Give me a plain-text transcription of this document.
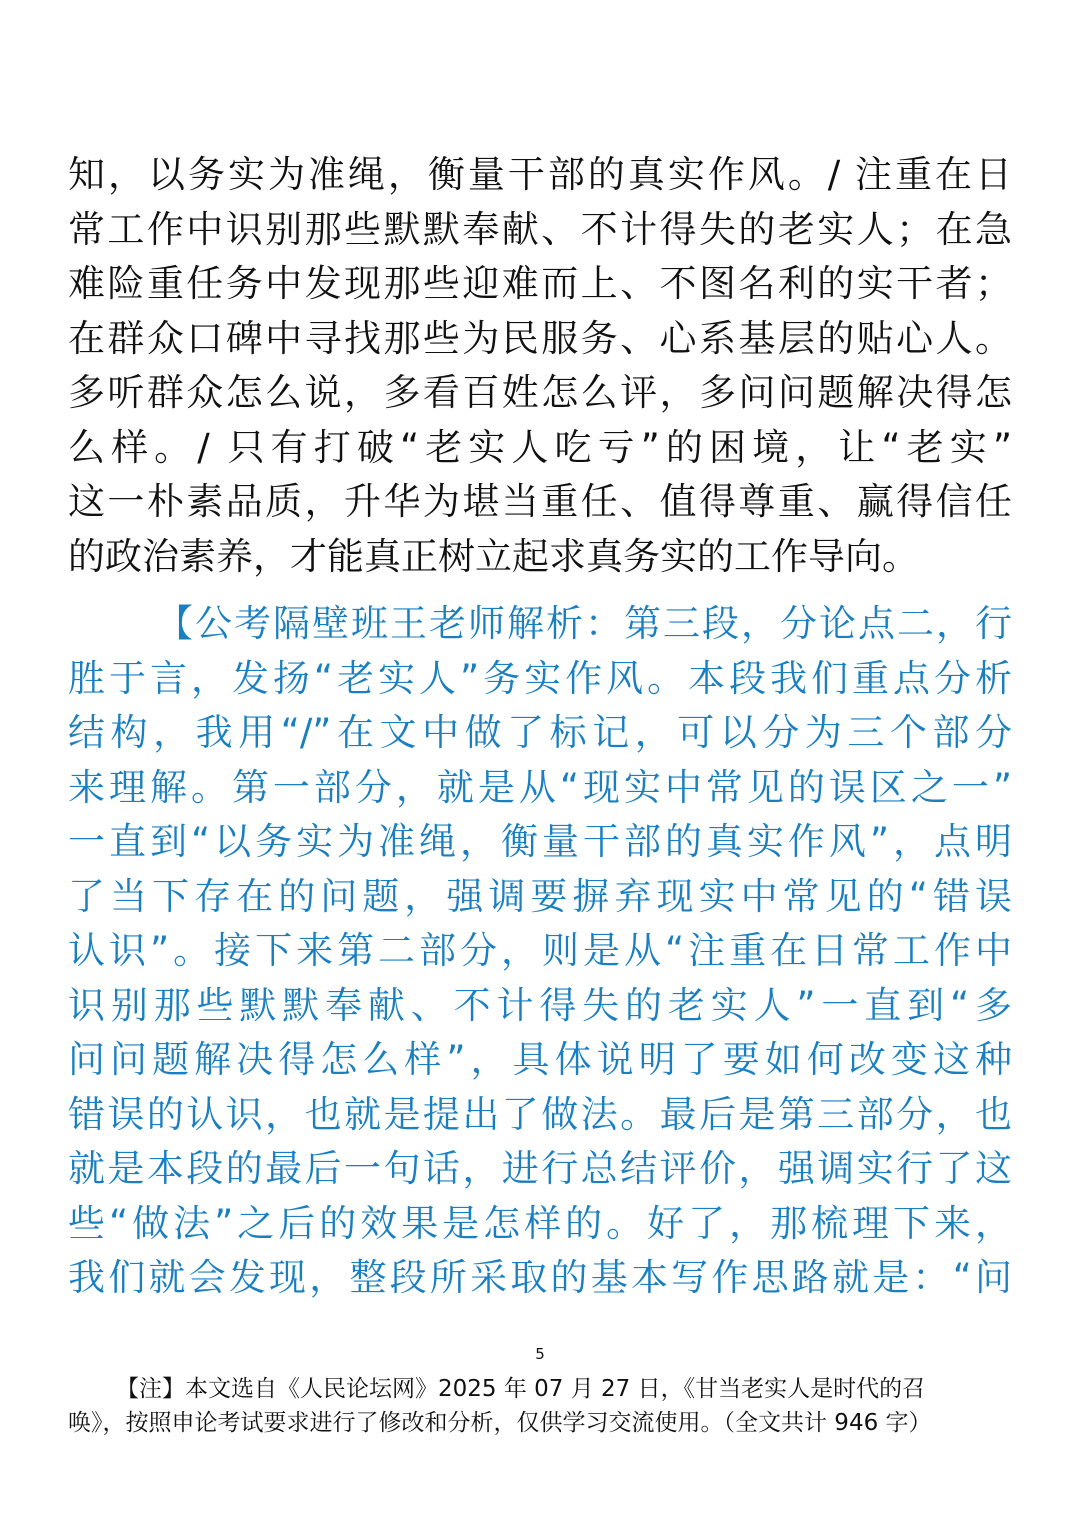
知，以务实为准绳，衡量干部的真实作风。/ 注重在日
常工作中识别那些默默奉献、不计得失的老实人；在急
难险重任务中发现那些迎难而上、不图名利的实干者；
在群众口碑中寻找那些为民服务、心系基层的贴心人。
多听群众怎么说，多看百姓怎么评，多问问题解决得怎
么样。/ 只有打破“老实人吃亏”的困境，让“老实”
这一朴素品质，升华为堪当重任、值得尊重、赢得信任
的政治素养，才能真正树立起求真务实的工作导向。
【公考隔壁班王老师解析：第三段，分论点二，行
胜于言，发扬“老实人”务实作风。本段我们重点分析
结构，我用“/”在文中做了标记，可以分为三个部分
来理解。第一部分，就是从“现实中常见的误区之一”
一直到“以务实为准绳，衡量干部的真实作风”，点明
了当下存在的问题，强调要摒弃现实中常见的“错误
认识”。接下来第二部分，则是从“注重在日常工作中
识别那些默默奉献、不计得失的老实人”一直到“多
问问题解决得怎么样”，具体说明了要如何改变这种
错误的认识，也就是提出了做法。最后是第三部分，也
就是本段的最后一句话，进行总结评价，强调实行了这
些“做法”之后的效果是怎样的。好了，那梳理下来，
我们就会发现，整段所采取的基本写作思路就是：“问
5
【注】本文选自《人民论坛网》2025 年 07 月 27 日，《甘当老实人是时代的召
唤》，按照申论考试要求进行了修改和分析，仅供学习交流使用。（全文共计 946 字）
